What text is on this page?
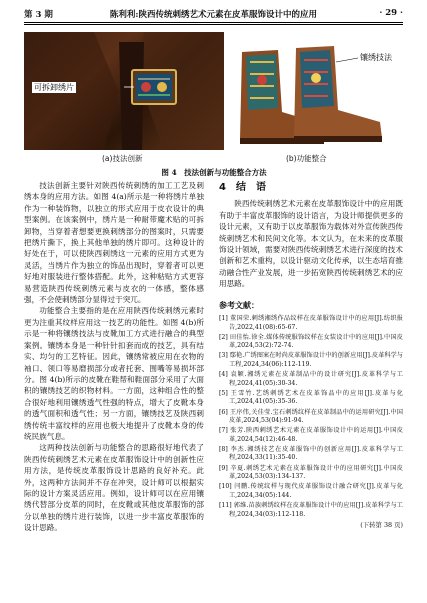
第 3 期	陈利利:陕西传统刺绣艺术元素在皮革服饰设计中的应用	· 29 ·
可拆卸绣片
镶绣技法
(a)技法创新	(b)功能整合
图 4　技法创新与功能整合方法

技法创新主要针对陕西传统刺绣的加工工艺及刺绣本身的应用方法。如图 4(a)所示是一种将绣片单独作为一种装饰物，以独立的形式应用于皮衣设计的典型案例。在该案例中，绣片是一种耐带魔术贴的可拆卸物，当穿着者想要更换刺绣部分的图案时，只需要把绣片撕下，换上其他单独的绣片即可。这种设计的好处在于，可以使陕西刺绣这一元素的应用方式更为灵活，当绣片作为独立的饰品出现时，穿着者可以更好地对服装进行整体搭配。此外，这种粘贴方式更容易营造陕西传统刺绣元素与皮衣的一体感，整体感强，不会使刺绣部分显得过于突兀。

功能整合主要指的是在应用陕西传统刺绣元素时更为注重其纹样应用这一技艺的功能性。如图 4(b)所示是一种将镶绣技法与皮靴加工方式进行融合的典型案例。镶绣本身是一种针针扣套而成的技艺，具有结实、均匀的工艺特征。因此，镶绣常被应用在衣物的袖口、领口等易磨损部分或者托套、围嘴等易损坏部分。图 4(b)所示的皮靴在鞋帮和鞋面部分采用了大面积的镶绣技艺的织物材料。一方面，这种组合性的整合很好地利用镶绣透气性强的特点，增大了皮靴本身的透气面积和透气性；另一方面，镶绣技艺及陕西刺绣传统丰富纹样的应用也极大地提升了皮靴本身的传统民族气息。

这两种技法创新与功能整合的思路很好地代表了陕西传统刺绣艺术元素在皮革服饰设计中的创新性应用方法，是传统皮革服饰设计思路的良好补充。此外，这两种方法间并不存在冲突，设计师可以根据实际的设计方案灵活应用。例如，设计师可以在应用镶绣代替部分皮革的同时，在皮靴或其他皮革服饰的部分以单独的绣片进行装饰，以进一步丰富皮革服饰的设计思路。

4　结　语

陕西传统刺绣艺术元素在皮革服饰设计中的应用既有助于丰富皮革服饰的设计语言，为设计师提供更多的设计元素，又有助于以皮革服饰为载体对外宣传陕西传统刺绣艺术和民间文化等。本文认为，在未来的皮革服饰设计领域，需要对陕西传统刺绣艺术进行深度的技术创新和艺术重构，以设计驱动文化传承，以生态培育推动融合性产业发展，进一步拓宽陕西传统刺绣艺术的应用思路。

参考文献：
[1] 董国荣.刺绣湘绣作品纹样在皮革服饰设计中的应用[J].纺织报告,2022,41(08):65-67.
[2] 田佳怡.徐全.媒体传统服饰纹样在女装设计中的应用[J].中国皮革,2024,53(2):72-74.
[3] 鄢艳.广绣图案在时尚皮革服饰设计中的创新应用[J].皮革科学与工程,2024,34(06):112-119.
[4] 袁颖.湘绣元素在皮革制品中的设计研究[J].皮革科学与工程,2024,41(05):30-34.
[5] 王雪竹.艺绣刺绣艺术在皮革饰品中的应用[J].皮革与化工,2024,41(05):35-36.
[6] 王序伟,关佳莹.宝石刺绣纹样在皮革制品中的运用研究[J].中国皮革,2024,53(04):91-94.
[7] 张芳.陕西刺绣艺术元素在皮革服饰设计中的运用[J].中国皮革,2024,54(12):46-48.
[8] 李杰.湘绣技艺在皮革服饰中的创新应用[J].皮革科学与工程,2024,33(11):35-40.
[9] 辛夏.刺绣艺术元素在皮革服饰设计中的应用研究[J].中国皮革,2024,53(03):134-137.
[10] 闫鹏.传统纹样与现代皮革服饰设计融合研究[J].皮革与化工,2024,34(05):144.
[11] 郭维.苗族刺绣纹样在皮革服饰设计中的应用[J].皮革科学与工程,2024,34(03):112-118.
(下转第 38 页)
